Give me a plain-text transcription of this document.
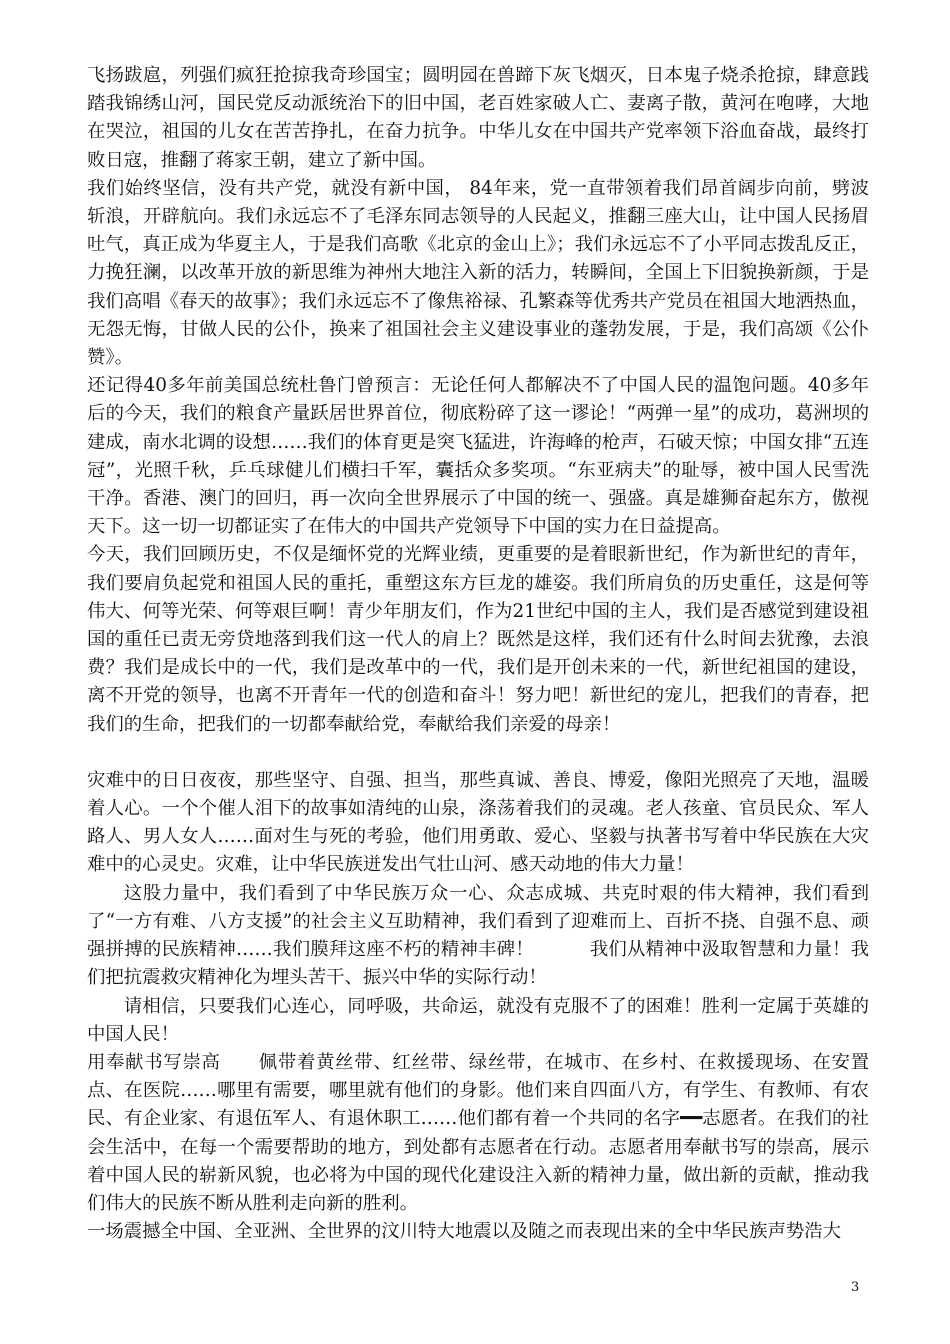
飞扬跋扈，列强们疯狂抢掠我奇珍国宝；圆明园在兽蹄下灰飞烟灭，日本鬼子烧杀抢掠，肆意践踏我锦绣山河，国民党反动派统治下的旧中国，老百姓家破人亡、妻离子散，黄河在咆哮，大地在哭泣，祖国的儿女在苦苦挣扎，在奋力抗争。中华儿女在中国共产党率领下浴血奋战，最终打败日寇，推翻了蒋家王朝，建立了新中国。

我们始终坚信，没有共产党，就没有新中国， 84年来，党一直带领着我们昂首阔步向前，劈波斩浪，开辟航向。我们永远忘不了毛泽东同志领导的人民起义，推翻三座大山，让中国人民扬眉吐气，真正成为华夏主人，于是我们高歌《北京的金山上》；我们永远忘不了小平同志拨乱反正，力挽狂澜，以改革开放的新思维为神州大地注入新的活力，转瞬间，全国上下旧貌换新颜，于是我们高唱《春天的故事》；我们永远忘不了像焦裕禄、孔繁森等优秀共产党员在祖国大地洒热血，无怨无悔，甘做人民的公仆，换来了祖国社会主义建设事业的蓬勃发展，于是，我们高颂《公仆赞》。

还记得40多年前美国总统杜鲁门曾预言：无论任何人都解决不了中国人民的温饱问题。40多年后的今天，我们的粮食产量跃居世界首位，彻底粉碎了这一谬论！“两弹一星”的成功，葛洲坝的建成，南水北调的设想……我们的体育更是突飞猛进，许海峰的枪声，石破天惊；中国女排“五连冠”，光照千秋，乒乓球健儿们横扫千军，囊括众多奖项。“东亚病夫”的耻辱，被中国人民雪洗干净。香港、澳门的回归，再一次向全世界展示了中国的统一、强盛。真是雄狮奋起东方，傲视天下。这一切一切都证实了在伟大的中国共产党领导下中国的实力在日益提高。

今天，我们回顾历史，不仅是缅怀党的光辉业绩，更重要的是着眼新世纪，作为新世纪的青年，我们要肩负起党和祖国人民的重托，重塑这东方巨龙的雄姿。我们所肩负的历史重任，这是何等伟大、何等光荣、何等艰巨啊！青少年朋友们，作为21世纪中国的主人，我们是否感觉到建设祖国的重任已责无旁贷地落到我们这一代人的肩上？既然是这样，我们还有什么时间去犹豫，去浪费？我们是成长中的一代，我们是改革中的一代，我们是开创未来的一代，新世纪祖国的建设，离不开党的领导，也离不开青年一代的创造和奋斗！努力吧！新世纪的宠儿，把我们的青春，把我们的生命，把我们的一切都奉献给党，奉献给我们亲爱的母亲！

灾难中的日日夜夜，那些坚守、自强、担当，那些真诚、善良、博爱，像阳光照亮了天地，温暖着人心。一个个催人泪下的故事如清纯的山泉，涤荡着我们的灵魂。老人孩童、官员民众、军人路人、男人女人……面对生与死的考验，他们用勇敢、爱心、坚毅与执著书写着中华民族在大灾难中的心灵史。灾难，让中华民族迸发出气壮山河、感天动地的伟大力量！

这股力量中，我们看到了中华民族万众一心、众志成城、共克时艰的伟大精神，我们看到了“一方有难、八方支援”的社会主义互助精神，我们看到了迎难而上、百折不挠、自强不息、顽强拼搏的民族精神……我们膜拜这座不朽的精神丰碑！　　　我们从精神中汲取智慧和力量！我们把抗震救灾精神化为埋头苦干、振兴中华的实际行动！

请相信，只要我们心连心，同呼吸，共命运，就没有克服不了的困难！胜利一定属于英雄的中国人民！

用奉献书写崇高　　佩带着黄丝带、红丝带、绿丝带，在城市、在乡村、在救援现场、在安置点、在医院……哪里有需要，哪里就有他们的身影。他们来自四面八方，有学生、有教师、有农民、有企业家、有退伍军人、有退休职工……他们都有着一个共同的名字━━志愿者。在我们的社会生活中，在每一个需要帮助的地方，到处都有志愿者在行动。志愿者用奉献书写的崇高，展示着中国人民的崭新风貌，也必将为中国的现代化建设注入新的精神力量，做出新的贡献，推动我们伟大的民族不断从胜利走向新的胜利。

一场震撼全中国、全亚洲、全世界的汶川特大地震以及随之而表现出来的全中华民族声势浩大

3
